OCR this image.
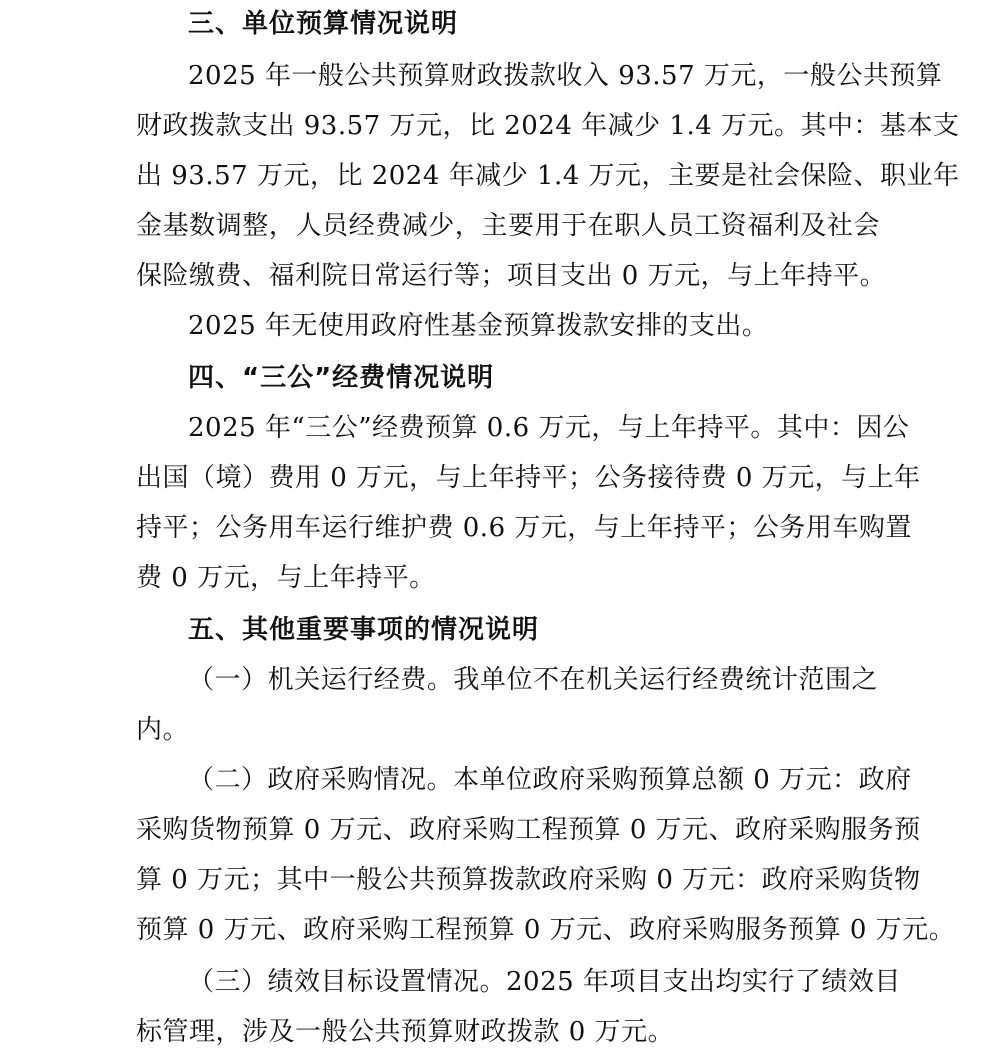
三、单位预算情况说明
2025 年一般公共预算财政拨款收入 93.57 万元，一般公共预算
财政拨款支出 93.57 万元，比 2024 年减少 1.4 万元。其中：基本支
出 93.57 万元，比 2024 年减少 1.4 万元，主要是社会保险、职业年
金基数调整，人员经费减少，主要用于在职人员工资福利及社会
保险缴费、福利院日常运行等；项目支出 0 万元，与上年持平。
2025 年无使用政府性基金预算拨款安排的支出。
四、“三公”经费情况说明
2025 年“三公”经费预算 0.6 万元，与上年持平。其中：因公
出国（境）费用 0 万元，与上年持平；公务接待费 0 万元，与上年
持平；公务用车运行维护费 0.6 万元，与上年持平；公务用车购置
费 0 万元，与上年持平。
五、其他重要事项的情况说明
（一）机关运行经费。我单位不在机关运行经费统计范围之
内。
（二）政府采购情况。本单位政府采购预算总额 0 万元：政府
采购货物预算 0 万元、政府采购工程预算 0 万元、政府采购服务预
算 0 万元；其中一般公共预算拨款政府采购 0 万元：政府采购货物
预算 0 万元、政府采购工程预算 0 万元、政府采购服务预算 0 万元。
（三）绩效目标设置情况。2025 年项目支出均实行了绩效目
标管理，涉及一般公共预算财政拨款 0 万元。
